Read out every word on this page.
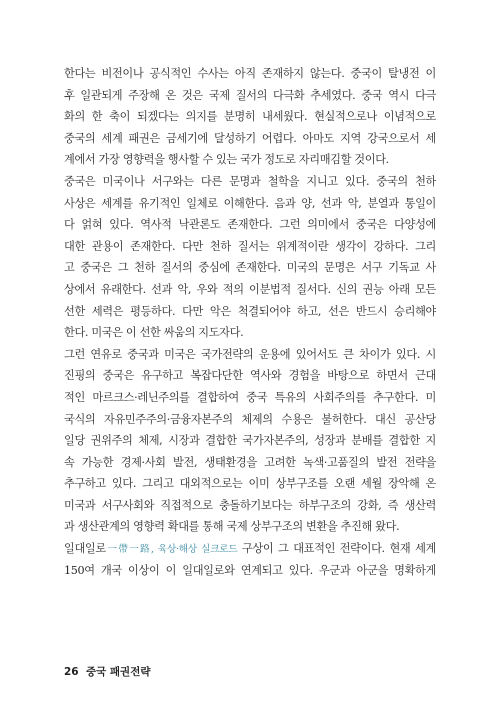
한다는 비전이나 공식적인 수사는 아직 존재하지 않는다. 중국이 탈냉전 이
후 일관되게 주장해 온 것은 국제 질서의 다극화 추세였다. 중국 역시 다극
화의 한 축이 되겠다는 의지를 분명히 내세웠다. 현실적으로나 이념적으로
중국의 세계 패권은 금세기에 달성하기 어렵다. 아마도 지역 강국으로서 세
계에서 가장 영향력을 행사할 수 있는 국가 정도로 자리매김할 것이다.
중국은 미국이나 서구와는 다른 문명과 철학을 지니고 있다. 중국의 천하
사상은 세계를 유기적인 일체로 이해한다. 음과 양, 선과 악, 분열과 통일이
다 얽혀 있다. 역사적 낙관론도 존재한다. 그런 의미에서 중국은 다양성에
대한 관용이 존재한다. 다만 천하 질서는 위계적이란 생각이 강하다. 그리
고 중국은 그 천하 질서의 중심에 존재한다. 미국의 문명은 서구 기독교 사
상에서 유래한다. 선과 악, 우와 적의 이분법적 질서다. 신의 권능 아래 모든
선한 세력은 평등하다. 다만 악은 척결되어야 하고, 선은 반드시 승리해야
한다. 미국은 이 선한 싸움의 지도자다.
그런 연유로 중국과 미국은 국가전략의 운용에 있어서도 큰 차이가 있다. 시
진핑의 중국은 유구하고 복잡다단한 역사와 경험을 바탕으로 하면서 근대
적인 마르크스·레닌주의를 결합하여 중국 특유의 사회주의를 추구한다. 미
국식의 자유민주주의·금융자본주의 체제의 수용은 불허한다. 대신 공산당
일당 권위주의 체제, 시장과 결합한 국가자본주의, 성장과 분배를 결합한 지
속 가능한 경제·사회 발전, 생태환경을 고려한 녹색·고품질의 발전 전략을
추구하고 있다. 그리고 대외적으로는 이미 상부구조를 오랜 세월 장악해 온
미국과 서구사회와 직접적으로 충돌하기보다는 하부구조의 강화, 즉 생산력
과 생산관계의 영향력 확대를 통해 국제 상부구조의 변환을 추진해 왔다.
일대일로一帶一路, 육상·해상 실크로드 구상이 그 대표적인 전략이다. 현재 세계
150여 개국 이상이 이 일대일로와 연계되고 있다. 우군과 아군을 명확하게
26 중국 패권전략
